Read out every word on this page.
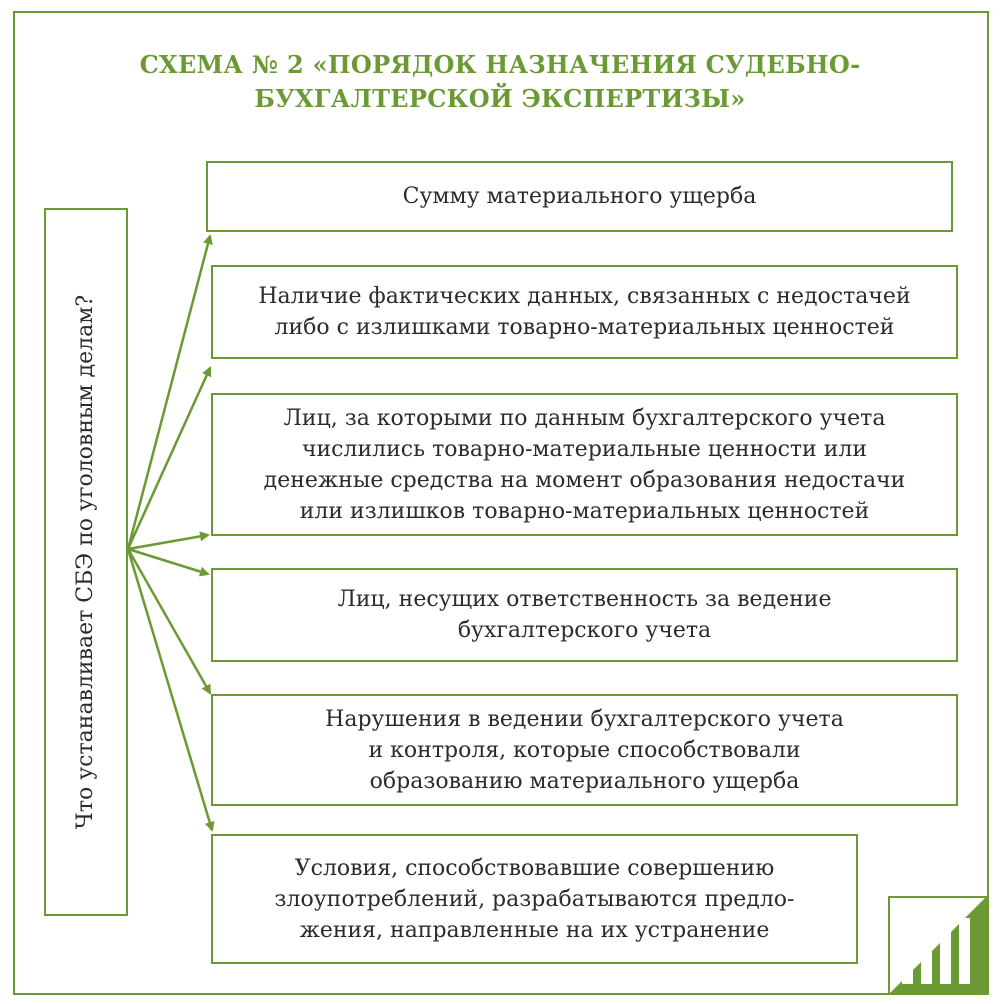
СХЕМА № 2 «ПОРЯДОК НАЗНАЧЕНИЯ СУДЕБНО-БУХГАЛТЕРСКОЙ ЭКСПЕРТИЗЫ»
Что устанавливает СБЭ по уголовным делам?
Сумму материального ущерба
Наличие фактических данных, связанных с недостачей
либо с излишками товарно-материальных ценностей
Лиц, за которыми по данным бухгалтерского учета
числились товарно-материальные ценности или
денежные средства на момент образования недостачи
или излишков товарно-материальных ценностей
Лиц, несущих ответственность за ведение
бухгалтерского учета
Нарушения в ведении бухгалтерского учета
и контроля, которые способствовали
образованию материального ущерба
Условия, способствовавшие совершению
злоупотреблений, разрабатываются предло-
жения, направленные на их устранение
